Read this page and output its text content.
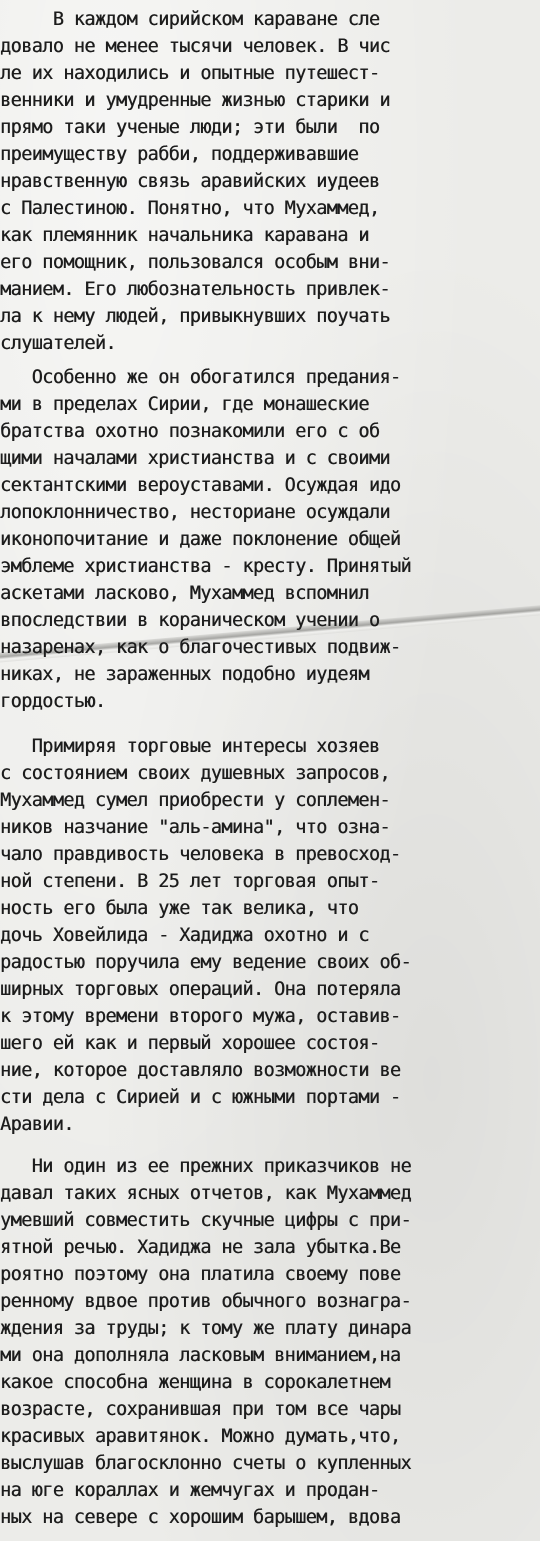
В каждом сирийском караване сле
довало не менее тысячи человек. В чис
ле их находились и опытные путешест-
венники и умудренные жизнью старики и
прямо таки ученые люди; эти были  по
преимуществу рабби, поддерживавшие
нравственную связь аравийских иудеев
с Палестиною. Понятно, что Мухаммед,
как племянник начальника каравана и
его помощник, пользовался особым вни-
манием. Его любознательность привлек-
ла к нему людей, привыкнувших поучать
слушателей.
Особенно же он обогатился предания-
ми в пределах Сирии, где монашеские
братства охотно познакомили его с об
щими началами христианства и с своими
сектантскими вероуставами. Осуждая идо
лопоклонничество, несториане осуждали
иконопочитание и даже поклонение общей
эмблеме христианства - кресту. Принятый
аскетами ласково, Мухаммед вспомнил
впоследствии в кораническом учении о
назаренах, как о благочестивых подвиж-
никах, не зараженных подобно иудеям
гордостью.
Примиряя торговые интересы хозяев
с состоянием своих душевных запросов,
Мухаммед сумел приобрести у соплемен-
ников назчание "аль-амина", что озна-
чало правдивость человека в превосход-
ной степени. В 25 лет торговая опыт-
ность его была уже так велика, что
дочь Ховейлида - Хадиджа охотно и с
радостью поручила ему ведение своих об-
ширных торговых операций. Она потеряла
к этому времени второго мужа, оставив-
шего ей как и первый хорошее состоя-
ние, которое доставляло возможности ве
сти дела с Сирией и с южными портами -
Аравии.
Ни один из ее прежних приказчиков не
давал таких ясных отчетов, как Мухаммед
умевший совместить скучные цифры с при-
ятной речью. Хадиджа не зала убытка.Ве
роятно поэтому она платила своему пове
ренному вдвое против обычного вознагра-
ждения за труды; к тому же плату динара
ми она дополняла ласковым вниманием,на
какое способна женщина в сорокалетнем
возрасте, сохранившая при том все чары
красивых аравитянок. Можно думать,что,
выслушав благосклонно счеты о купленных
на юге кораллах и жемчугах и продан-
ных на севере с хорошим барышем, вдова
